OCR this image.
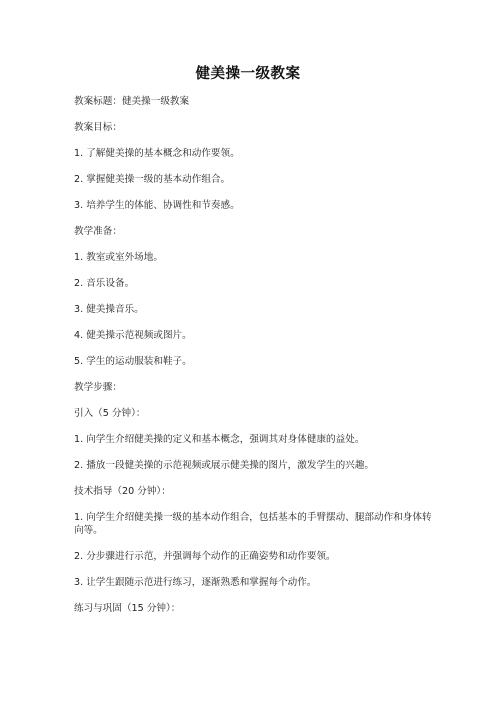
健美操一级教案
教案标题：健美操一级教案
教案目标：
1. 了解健美操的基本概念和动作要领。
2. 掌握健美操一级的基本动作组合。
3. 培养学生的体能、协调性和节奏感。
教学准备：
1. 教室或室外场地。
2. 音乐设备。
3. 健美操音乐。
4. 健美操示范视频或图片。
5. 学生的运动服装和鞋子。
教学步骤：
引入（5 分钟）：
1. 向学生介绍健美操的定义和基本概念，强调其对身体健康的益处。
2. 播放一段健美操的示范视频或展示健美操的图片，激发学生的兴趣。
技术指导（20 分钟）：
1. 向学生介绍健美操一级的基本动作组合，包括基本的手臂摆动、腿部动作和身体转向等。
2. 分步骤进行示范，并强调每个动作的正确姿势和动作要领。
3. 让学生跟随示范进行练习，逐渐熟悉和掌握每个动作。
练习与巩固（15 分钟）：
